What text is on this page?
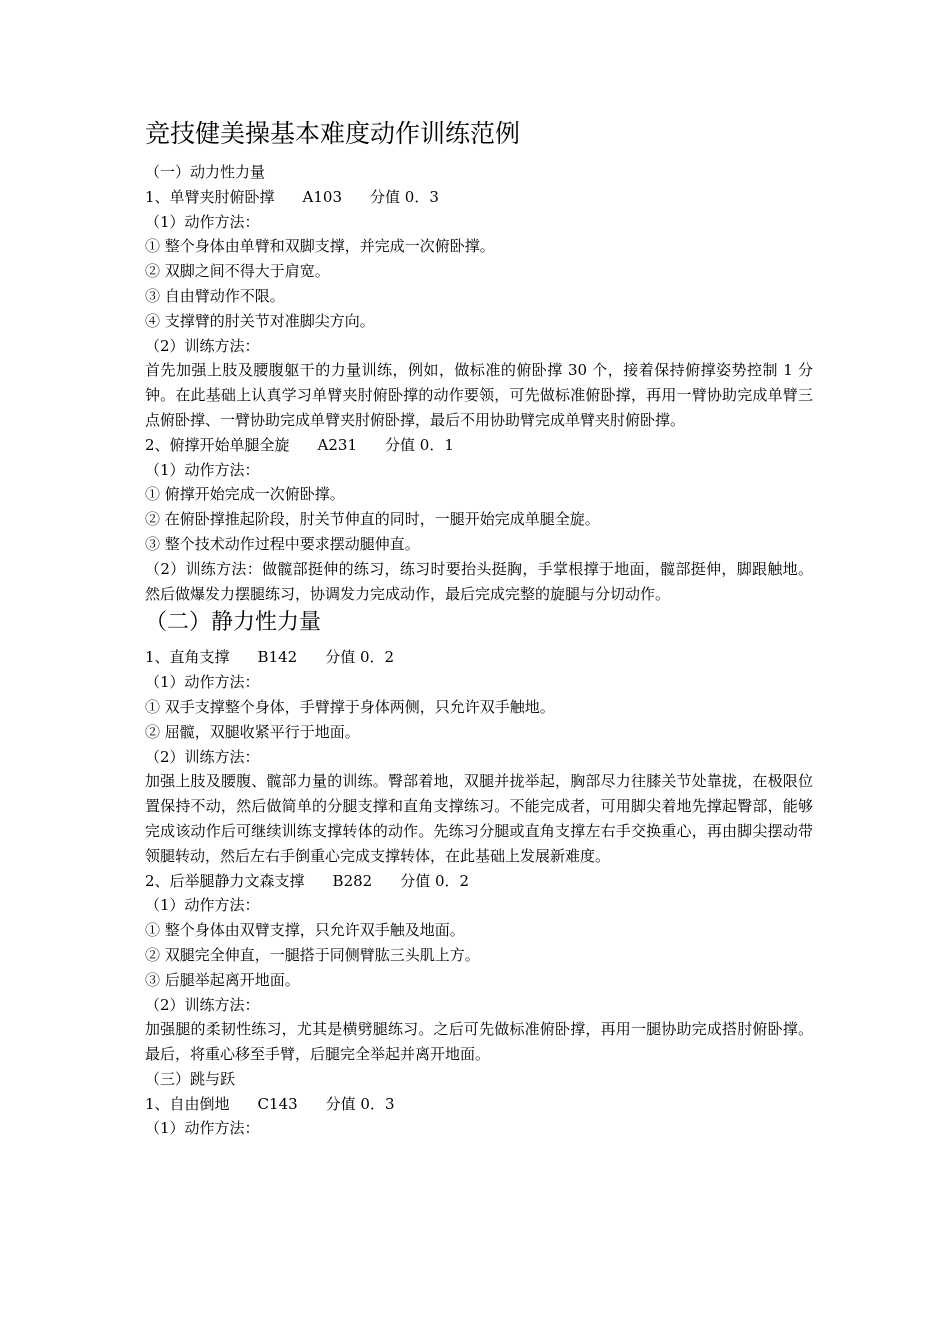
竞技健美操基本难度动作训练范例
（一）动力性力量
1、单臂夹肘俯卧撑 A103 分值 0．3
（1）动作方法：
① 整个身体由单臂和双脚支撑，并完成一次俯卧撑。
② 双脚之间不得大于肩宽。
③ 自由臂动作不限。
④ 支撑臂的肘关节对准脚尖方向。
（2）训练方法：
首先加强上肢及腰腹躯干的力量训练，例如，做标准的俯卧撑 30 个，接着保持俯撑姿势控制 1 分钟。在此基础上认真学习单臂夹肘俯卧撑的动作要领，可先做标准俯卧撑，再用一臂协助完成单臂三点俯卧撑、一臂协助完成单臂夹肘俯卧撑，最后不用协助臂完成单臂夹肘俯卧撑。
2、俯撑开始单腿全旋 A231 分值 0．1
（1）动作方法：
① 俯撑开始完成一次俯卧撑。
② 在俯卧撑推起阶段，肘关节伸直的同时，一腿开始完成单腿全旋。
③ 整个技术动作过程中要求摆动腿伸直。
（2）训练方法：做髋部挺伸的练习，练习时要抬头挺胸，手掌根撑于地面，髋部挺伸，脚跟触地。然后做爆发力摆腿练习，协调发力完成动作，最后完成完整的旋腿与分切动作。
（二）静力性力量
1、直角支撑 B142 分值 0．2
（1）动作方法：
① 双手支撑整个身体，手臂撑于身体两侧，只允许双手触地。
② 屈髋，双腿收紧平行于地面。
（2）训练方法：
加强上肢及腰腹、髋部力量的训练。臀部着地，双腿并拢举起，胸部尽力往膝关节处靠拢，在极限位置保持不动，然后做简单的分腿支撑和直角支撑练习。不能完成者，可用脚尖着地先撑起臀部，能够完成该动作后可继续训练支撑转体的动作。先练习分腿或直角支撑左右手交换重心，再由脚尖摆动带领腿转动，然后左右手倒重心完成支撑转体，在此基础上发展新难度。
2、后举腿静力文森支撑 B282 分值 0．2
（1）动作方法：
① 整个身体由双臂支撑，只允许双手触及地面。
② 双腿完全伸直，一腿搭于同侧臂肱三头肌上方。
③ 后腿举起离开地面。
（2）训练方法：
加强腿的柔韧性练习，尤其是横劈腿练习。之后可先做标准俯卧撑，再用一腿协助完成搭肘俯卧撑。最后，将重心移至手臂，后腿完全举起并离开地面。
（三）跳与跃
1、自由倒地 C143 分值 0．3
（1）动作方法：
